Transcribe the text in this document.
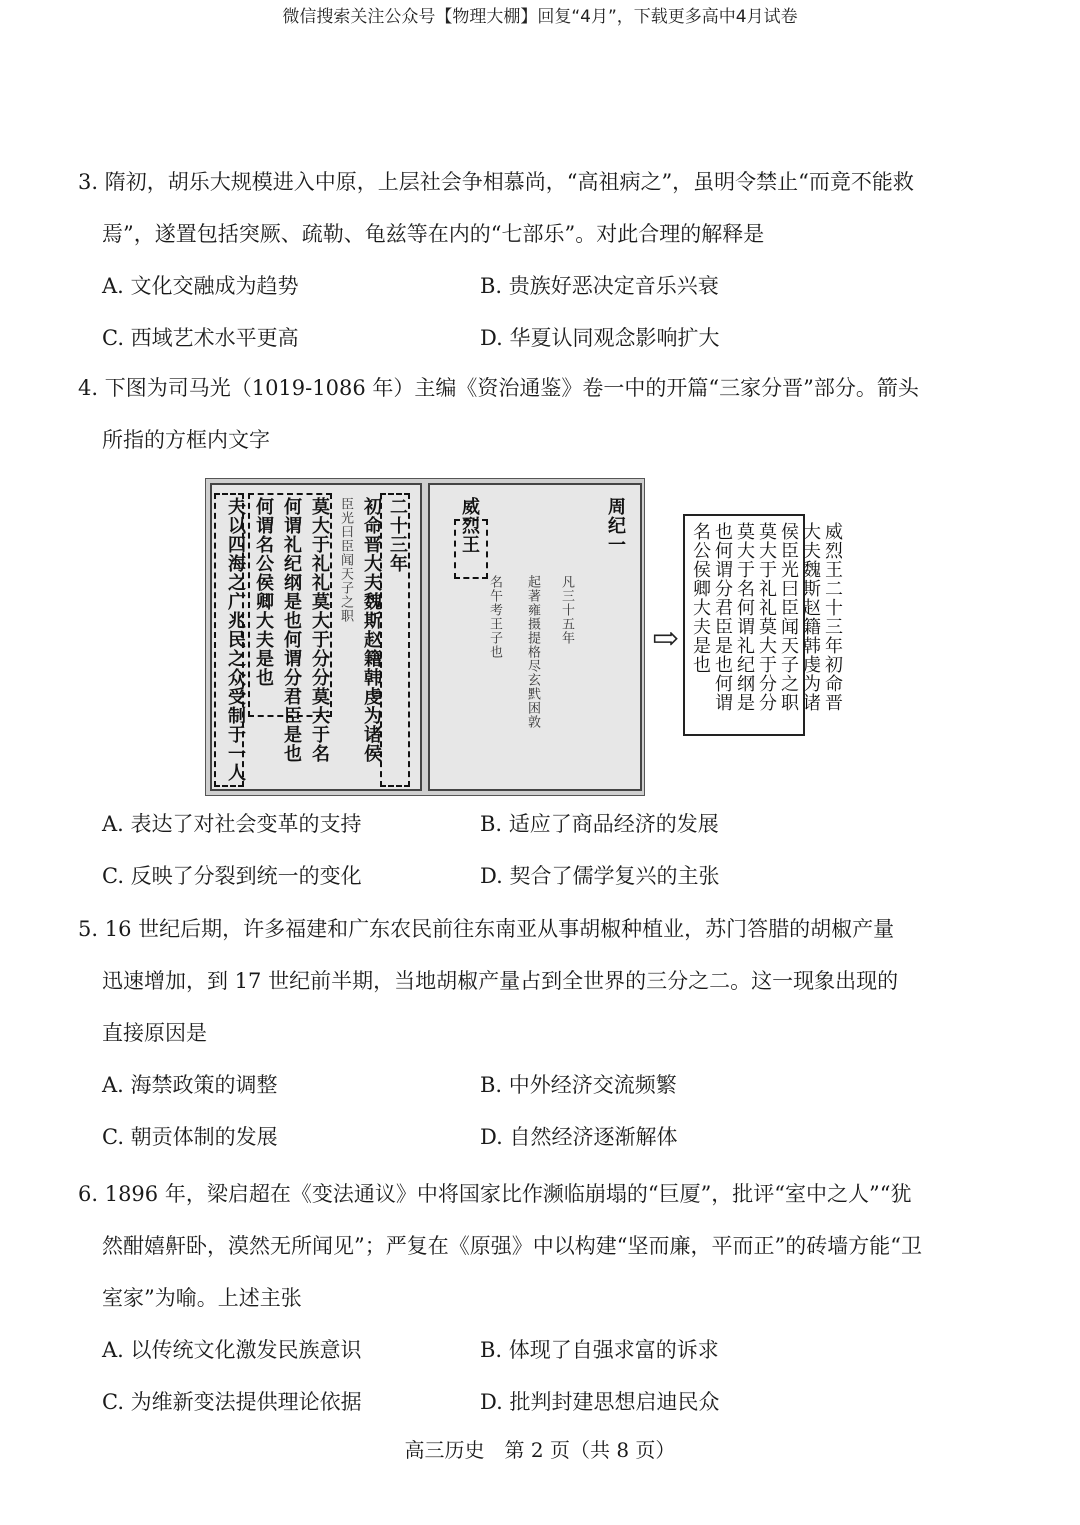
微信搜索关注公众号【物理大棚】回复“4月”，下载更多高中4月试卷
3. 隋初，胡乐大规模进入中原，上层社会争相慕尚，“高祖病之”，虽明令禁止“而竟不能救
焉”，遂置包括突厥、疏勒、龟兹等在内的“七部乐”。对此合理的解释是
A. 文化交融成为趋势	B. 贵族好恶决定音乐兴衰
C. 西域艺术水平更高	D. 华夏认同观念影响扩大
4. 下图为司马光（1019-1086 年）主编《资治通鉴》卷一中的开篇“三家分晋”部分。箭头
所指的方框内文字
二十三年
初命晋大夫魏斯赵籍韩虔为诸侯
臣光曰臣闻天子之职
莫大于礼礼莫大于分分莫大于名
何谓礼纪纲是也何谓分君臣是也
何谓名公侯卿大夫是也
夫以四海之广兆民之众受制于一人	威烈王
名午考王子也 起著雍摄提格尽玄黓困敦 凡三十五年
周纪一
⇨	威烈王二十三年初命晋大夫魏斯赵籍韩虔为诸侯臣光曰臣闻天子之职莫大于礼礼莫大于分分莫大于名何谓礼纪纲是也何谓分君臣是也何谓名公侯卿大夫是也
A. 表达了对社会变革的支持	B. 适应了商品经济的发展
C. 反映了分裂到统一的变化	D. 契合了儒学复兴的主张
5. 16 世纪后期，许多福建和广东农民前往东南亚从事胡椒种植业，苏门答腊的胡椒产量
迅速增加，到 17 世纪前半期，当地胡椒产量占到全世界的三分之二。这一现象出现的
直接原因是
A. 海禁政策的调整	B. 中外经济交流频繁
C. 朝贡体制的发展	D. 自然经济逐渐解体
6. 1896 年，梁启超在《变法通议》中将国家比作濒临崩塌的“巨厦”，批评“室中之人”“犹
然酣嬉鼾卧，漠然无所闻见”；严复在《原强》中以构建“坚而廉，平而正”的砖墙方能“卫
室家”为喻。上述主张
A. 以传统文化激发民族意识	B. 体现了自强求富的诉求
C. 为维新变法提供理论依据	D. 批判封建思想启迪民众
高三历史　第 2 页（共 8 页）
